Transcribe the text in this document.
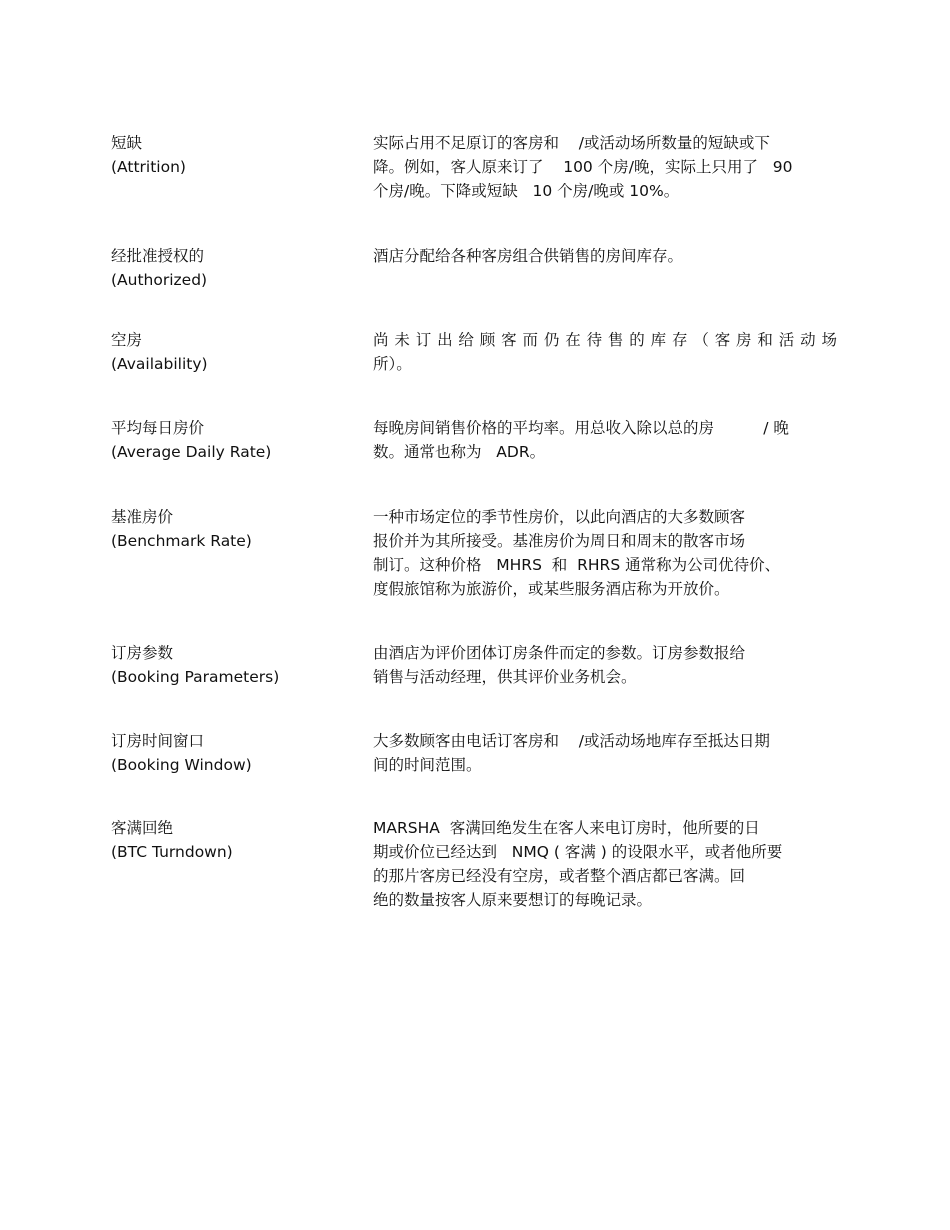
短缺
(Attrition)
实际占用不足原订的客房和    /或活动场所数量的短缺或下
降。例如，客人原来订了    100 个房/晚，实际上只用了   90
个房/晚。下降或短缺   10 个房/晚或 10%。
经批准授权的
(Authorized)
酒店分配给各种客房组合供销售的房间库存。
空房
(Availability)
尚未订出给顾客而仍在待售的库存（客房和活动场
所）。
平均每日房价
(Average Daily Rate)
每晚房间销售价格的平均率。用总收入除以总的房          / 晚
数。通常也称为   ADR。
基准房价
(Benchmark Rate)
一种市场定位的季节性房价，以此向酒店的大多数顾客
报价并为其所接受。基准房价为周日和周末的散客市场
制订。这种价格   MHRS  和  RHRS 通常称为公司优待价、
度假旅馆称为旅游价，或某些服务酒店称为开放价。
订房参数
(Booking Parameters)
由酒店为评价团体订房条件而定的参数。订房参数报给
销售与活动经理，供其评价业务机会。
订房时间窗口
(Booking Window)
大多数顾客由电话订客房和    /或活动场地库存至抵达日期
间的时间范围。
客满回绝
(BTC Turndown)
MARSHA  客满回绝发生在客人来电订房时，他所要的日
期或价位已经达到   NMQ ( 客满 ) 的设限水平，或者他所要
的那片客房已经没有空房，或者整个酒店都已客满。回
绝的数量按客人原来要想订的每晚记录。
